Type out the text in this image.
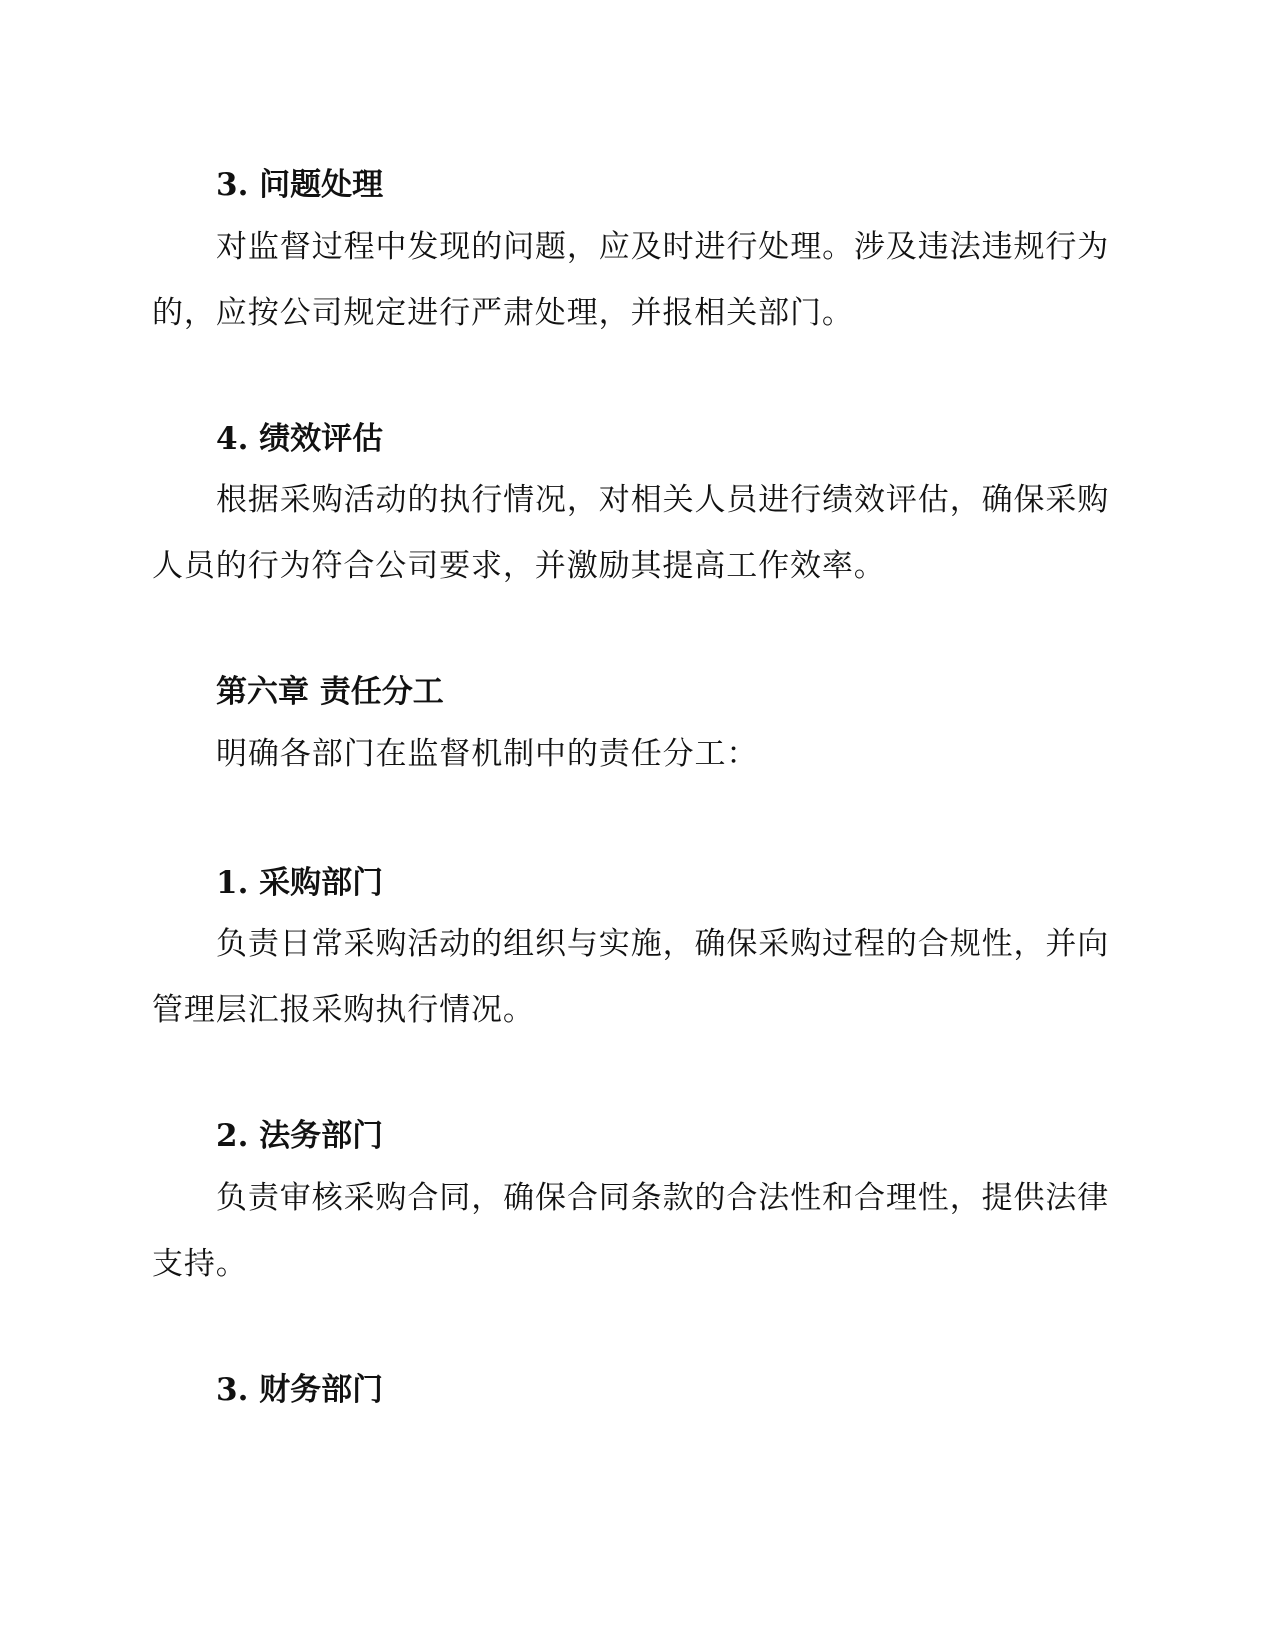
3. 问题处理
对监督过程中发现的问题，应及时进行处理。涉及违法违规行为的，应按公司规定进行严肃处理，并报相关部门。
4. 绩效评估
根据采购活动的执行情况，对相关人员进行绩效评估，确保采购人员的行为符合公司要求，并激励其提高工作效率。
第六章 责任分工
明确各部门在监督机制中的责任分工：
1. 采购部门
负责日常采购活动的组织与实施，确保采购过程的合规性，并向管理层汇报采购执行情况。
2. 法务部门
负责审核采购合同，确保合同条款的合法性和合理性，提供法律支持。
3. 财务部门
